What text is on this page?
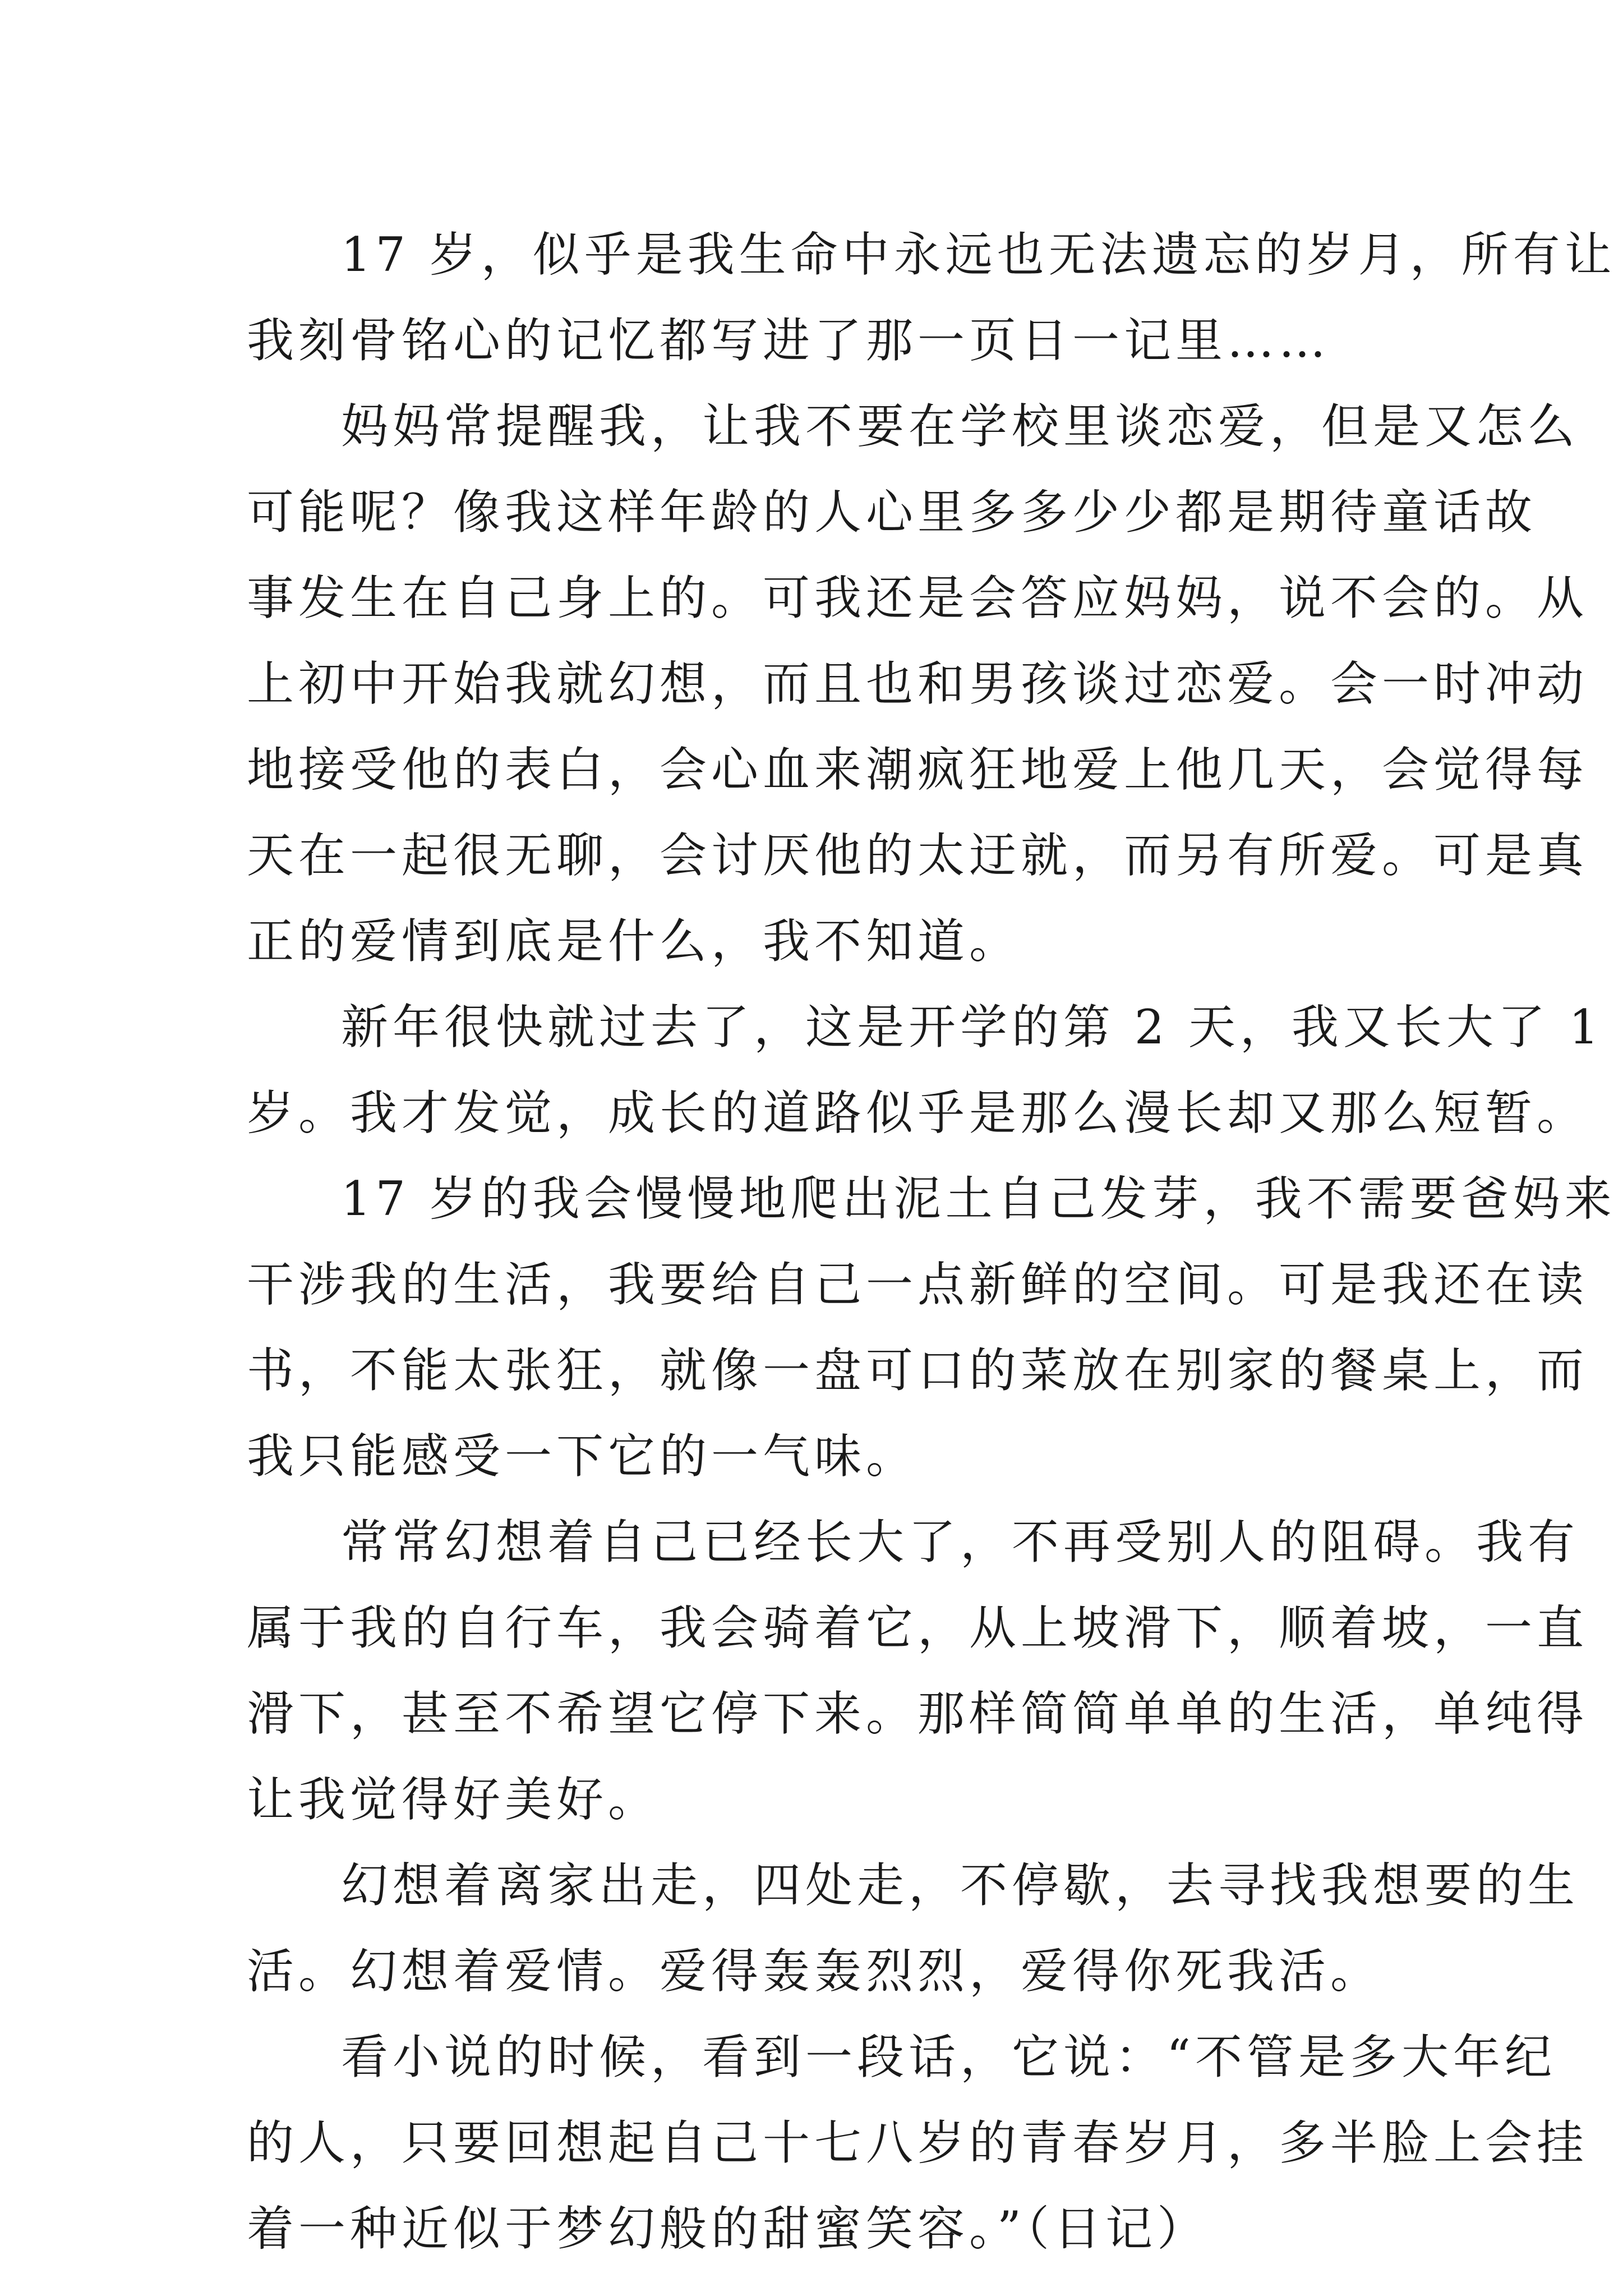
17 岁，似乎是我生命中永远也无法遗忘的岁月，所有让
我刻骨铭心的记忆都写进了那一页日一记里……
妈妈常提醒我，让我不要在学校里谈恋爱，但是又怎么
可能呢？像我这样年龄的人心里多多少少都是期待童话故
事发生在自己身上的。可我还是会答应妈妈，说不会的。从
上初中开始我就幻想，而且也和男孩谈过恋爱。会一时冲动
地接受他的表白，会心血来潮疯狂地爱上他几天，会觉得每
天在一起很无聊，会讨厌他的太迂就，而另有所爱。可是真
正的爱情到底是什么，我不知道。
新年很快就过去了，这是开学的第 2 天，我又长大了 1
岁。我才发觉，成长的道路似乎是那么漫长却又那么短暂。
17 岁的我会慢慢地爬出泥土自己发芽，我不需要爸妈来
干涉我的生活，我要给自己一点新鲜的空间。可是我还在读
书，不能太张狂，就像一盘可口的菜放在别家的餐桌上，而
我只能感受一下它的一气味。
常常幻想着自己已经长大了，不再受别人的阻碍。我有
属于我的自行车，我会骑着它，从上坡滑下，顺着坡，一直
滑下，甚至不希望它停下来。那样简简单单的生活，单纯得
让我觉得好美好。
幻想着离家出走，四处走，不停歇，去寻找我想要的生
活。幻想着爱情。爱得轰轰烈烈，爱得你死我活。
看小说的时候，看到一段话，它说：“不管是多大年纪
的人，只要回想起自己十七八岁的青春岁月，多半脸上会挂
着一种近似于梦幻般的甜蜜笑容。”（日记）
